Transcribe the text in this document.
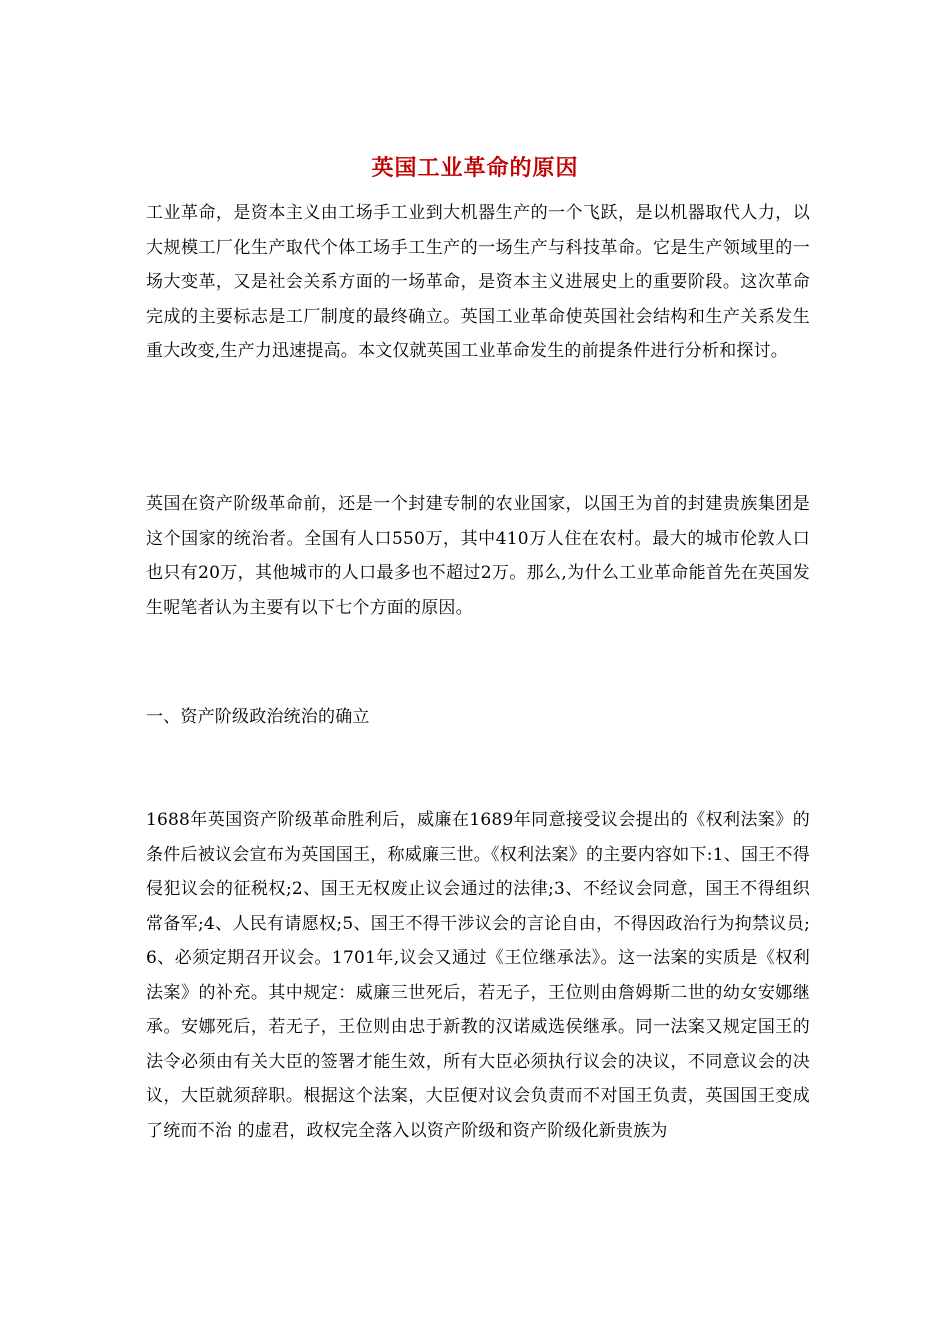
英国工业革命的原因

工业革命，是资本主义由工场手工业到大机器生产的一个飞跃，是以机器取代人力，以大规模工厂化生产取代个体工场手工生产的一场生产与科技革命。它是生产领域里的一场大变革，又是社会关系方面的一场革命，是资本主义进展史上的重要阶段。这次革命完成的主要标志是工厂制度的最终确立。英国工业革命使英国社会结构和生产关系发生重大改变,生产力迅速提高。本文仅就英国工业革命发生的前提条件进行分析和探讨。

英国在资产阶级革命前，还是一个封建专制的农业国家，以国王为首的封建贵族集团是这个国家的统治者。全国有人口550万，其中410万人住在农村。最大的城市伦敦人口也只有20万，其他城市的人口最多也不超过2万。那么,为什么工业革命能首先在英国发生呢笔者认为主要有以下七个方面的原因。

一、资产阶级政治统治的确立

1688年英国资产阶级革命胜利后，威廉在1689年同意接受议会提出的《权利法案》的条件后被议会宣布为英国国王，称威廉三世。《权利法案》的主要内容如下:1、国王不得侵犯议会的征税权;2、国王无权废止议会通过的法律;3、不经议会同意，国王不得组织常备军;4、人民有请愿权;5、国王不得干涉议会的言论自由，不得因政治行为拘禁议员;6、必须定期召开议会。1701年,议会又通过《王位继承法》。这一法案的实质是《权利法案》的补充。其中规定：威廉三世死后，若无子，王位则由詹姆斯二世的幼女安娜继承。安娜死后，若无子，王位则由忠于新教的汉诺威选侯继承。同一法案又规定国王的法令必须由有关大臣的签署才能生效，所有大臣必须执行议会的决议，不同意议会的决议，大臣就须辞职。根据这个法案，大臣便对议会负责而不对国王负责，英国国王变成了统而不治 的虚君，政权完全落入以资产阶级和资产阶级化新贵族为
